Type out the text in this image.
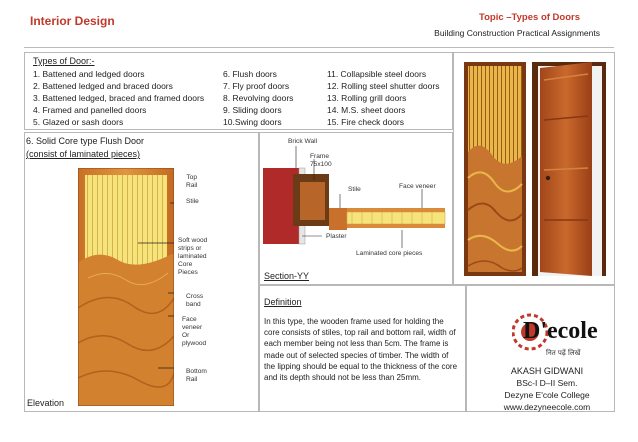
Interior Design	Topic –Types of Doors
Building Construction Practical Assignments
Types of Door:-
1. Battened and ledged doors
2. Battened ledged and braced doors
3. Battened ledged, braced and framed doors
4. Framed and panelled doors
5. Glazed or sash doors
6. Flush doors
7. Fly proof doors
8. Revolving doors
9. Sliding doors
10.Swing doors
11. Collapsible steel doors
12. Rolling steel shutter doors
13. Rolling grill doors
14. M.S. sheet doors
15. Fire check doors
6. Solid Core type Flush Door
(consist of laminated pieces)
Top
Rail
Stile
Soft wood
strips or
laminated
Core
Pieces
Cross
band
Face
veneer
Or
plywood
Bottom
Rail
Elevation
Brick Wall
Frame
75x100
Stile	Face veneer
Plaster
Laminated core pieces
Section-YY
Definition
In this type, the wooden frame used for holding the core consists of stiles, top rail and bottom rail, width of each member being not less than 5cm. The frame is made out of selected species of timber. The width of the lipping should be equal to the thickness of the core and its depth should not be less than 25mm.
D'ecole
नित पढ़ें लिखें
AKASH GIDWANI
BSc-I D–II Sem.
Dezyne E'cole College
www.dezyneecole.com
